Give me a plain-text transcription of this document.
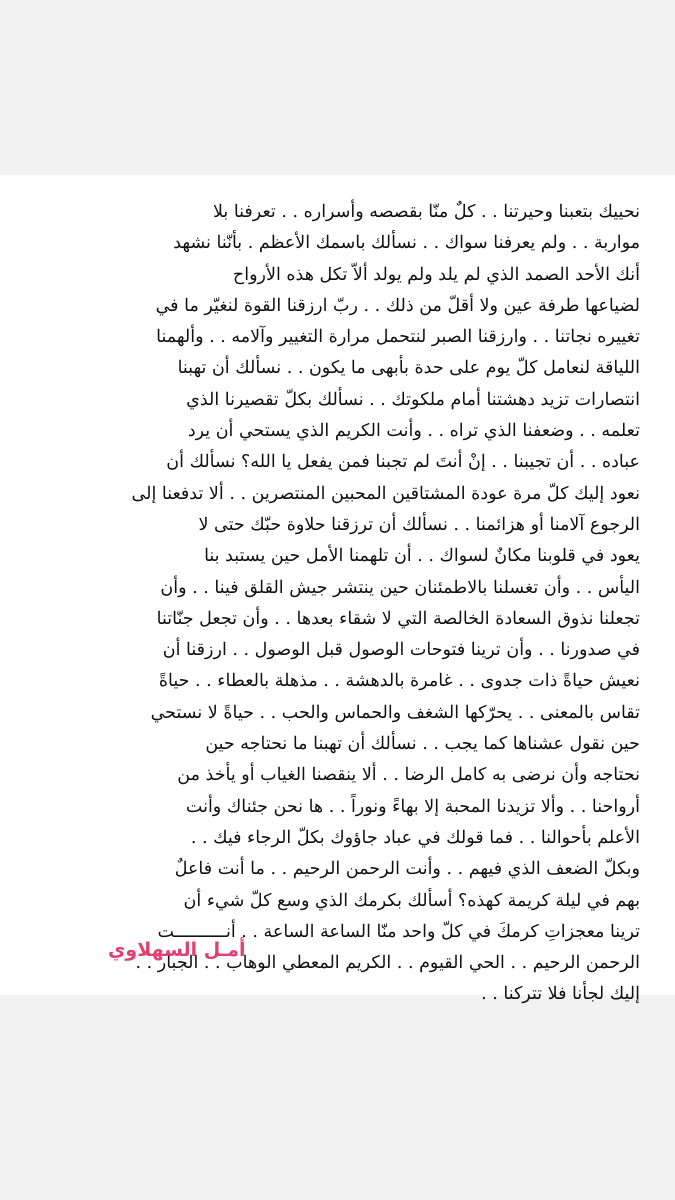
نحييك بتعبنا وحيرتنا . . كلٌ منّا بقصصه وأسراره . . تعرفنا بلا
مواربة . . ولم يعرفنا سواك . . نسألك باسمك الأعظم . بأنّنا نشهد
أنك الأحد الصمد الذي لم يلد ولم يولد ألاّ تكل هذه الأرواح
لضياعها طرفة عين ولا أقلّ من ذلك . . ربّ ارزقنا القوة لنغيّر ما في
تغييره نجاتنا . . وارزقنا الصبر لنتحمل مرارة التغيير وآلامه . . وألهمنا
اللياقة لنعامل كلّ يوم على حدة بأبهى ما يكون . . نسألك أن تهبنا
انتصارات تزيد دهشتنا أمام ملكوتك . . نسألك بكلّ تقصيرنا الذي
تعلمه . . وضعفنا الذي تراه . . وأنت الكريم الذي يستحي أن يرد
عباده . . أن تجيبنا . . إنْ أنتَ لم تجبنا فمن يفعل يا الله؟ نسألك أن
نعود إليك كلّ مرة عودة المشتاقين المحبين المنتصرين . . ألا تدفعنا إلى
الرجوع آلامنا أو هزائمنا . . نسألك أن ترزقنا حلاوة حبّك حتى لا
يعود في قلوبنا مكانٌ لسواك . . أن تلهمنا الأمل حين يستبد بنا
اليأس . . وأن تغسلنا بالاطمئنان حين ينتشر جيش القلق فينا . . وأن
تجعلنا نذوق السعادة الخالصة التي لا شقاء بعدها . . وأن تجعل جنّاتنا
في صدورنا . . وأن ترينا فتوحات الوصول قبل الوصول . . ارزقنا أن
نعيش حياةً ذات جدوى . . غامرة بالدهشة . . مذهلة بالعطاء . . حياةً
تقاس بالمعنى . . يحرّكها الشغف والحماس والحب . . حياةً لا نستحي
حين نقول عشناها كما يجب . . نسألك أن تهبنا ما نحتاجه حين
نحتاجه وأن نرضى به كامل الرضا . . ألا ينقصنا الغياب أو يأخذ من
أرواحنا . . وألا تزيدنا المحبة إلا بهاءً ونوراً . . ها نحن جئناك وأنت
الأعلم بأحوالنا . . فما قولك في عباد جاؤوك بكلّ الرجاء فيك . .
وبكلّ الضعف الذي فيهم . . وأنت الرحمن الرحيم . . ما أنت فاعلٌ
بهم في ليلة كريمة كهذه؟ أسألك بكرمك الذي وسع كلّ شيء أن
ترينا معجزاتِ كرمكَ في كلّ واحد منّا الساعة الساعة . . أنــــــــــت
الرحمن الرحيم . . الحي القيوم . . الكريم المعطي الوهاب . . الجبار . .
إليك لجأنا فلا تتركنا . .
أمـل السهلاوي
